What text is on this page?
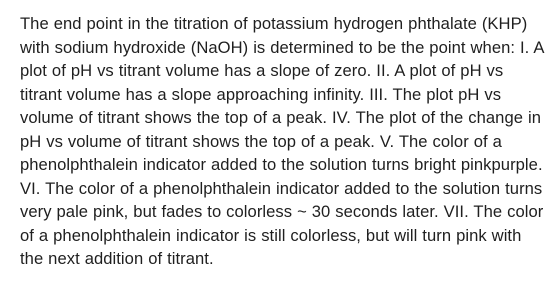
The end point in the titration of potassium hydrogen phthalate (KHP) with sodium hydroxide (NaOH) is determined to be the point when: I. A plot of pH vs titrant volume has a slope of zero. II. A plot of pH vs titrant volume has a slope approaching infinity. III. The plot pH vs volume of titrant shows the top of a peak. IV. The plot of the change in pH vs volume of titrant shows the top of a peak. V. The color of a phenolphthalein indicator added to the solution turns bright pinkpurple. VI. The color of a phenolphthalein indicator added to the solution turns very pale pink, but fades to colorless ~ 30 seconds later. VII. The color of a phenolphthalein indicator is still colorless, but will turn pink with the next addition of titrant.
